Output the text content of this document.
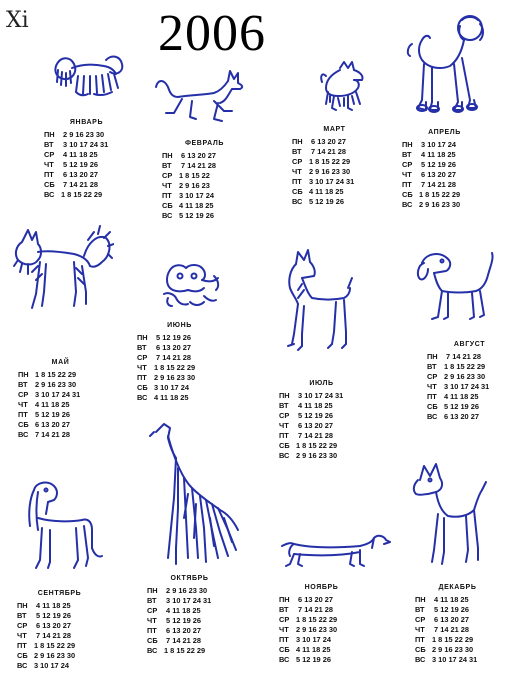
Xi 2006
ЯНВАРЬ
ПН 2 9 16 23 30
ВТ	3 10 17 24 31
СР 4 11 18 25
ЧТ 5 12 19 26
ПТ 6 13 20 27
СБ 7 14 21 28
ВС 1 8 15 22 29
ФЕВРАЛЬ
ПН 6 13 20 27
ВТ	7 14 21 28
СР 1 8 15 22
ЧТ 2 9 16 23
ПТ 3 10 17 24
СБ 4 11 18 25
ВС 5 12 19 26
МАРТ
ПН 6 13 20 27
ВТ	7 14 21 28
СР 1 8 15 22 29
ЧТ 2 9 16 23 30
ПТ 3 10 17 24 31
СБ 4 11 18 25
ВС 5 12 19 26
АПРЕЛЬ
ПН 3 10 17 24
ВТ	4 11 18 25
СР 5 12 19 26
ЧТ 6 13 20 27
ПТ 7 14 21 28
СБ 1 8 15 22 29
ВС 2 9 16 23 30
МАЙ
ПН 1 8 15 22 29
ВТ	2 9 16 23 30
СР 3 10 17 24 31
ЧТ 4 11 18 25
ПТ 5 12 19 26
СБ 6 13 20 27
ВС 7 14 21 28
ИЮНЬ
ПН 5 12 19 26
ВТ	6 13 20 27
СР 7 14 21 28
ЧТ 1 8 15 22 29
ПТ 2 9 16 23 30
СБ 3 10 17 24
ВС 4 11 18 25
ИЮЛЬ
ПН 3 10 17 24 31
ВТ	4 11 18 25
СР 5 12 19 26
ЧТ 6 13 20 27
ПТ 7 14 21 28
СБ 1 8 15 22 29
ВС 2 9 16 23 30
АВГУСТ
ПН 7 14 21 28
ВТ	1 8 15 22 29
СР 2 9 16 23 30
ЧТ 3 10 17 24 31
ПТ 4 11 18 25
СБ 5 12 19 26
ВС 6 13 20 27
СЕНТЯБРЬ
ПН 4 11 18 25
ВТ	5 12 19 26
СР 6 13 20 27
ЧТ 7 14 21 28
ПТ 1 8 15 22 29
СБ 2 9 16 23 30
ВС 3 10 17 24
ОКТЯБРЬ
ПН 2 9 16 23 30
ВТ	3 10 17 24 31
СР 4 11 18 25
ЧТ 5 12 19 26
ПТ 6 13 20 27
СБ 7 14 21 28
ВС 1 8 15 22 29
НОЯБРЬ
ПН 6 13 20 27
ВТ	7 14 21 28
СР 1 8 15 22 29
ЧТ 2 9 16 23 30
ПТ 3 10 17 24
СБ 4 11 18 25
ВС 5 12 19 26
ДЕКАБРЬ
ПН 4 11 18 25
ВТ	5 12 19 26
СР 6 13 20 27
ЧТ 7 14 21 28
ПТ 1 8 15 22 29
СБ 2 9 16 23 30
ВС 3 10 17 24 31
